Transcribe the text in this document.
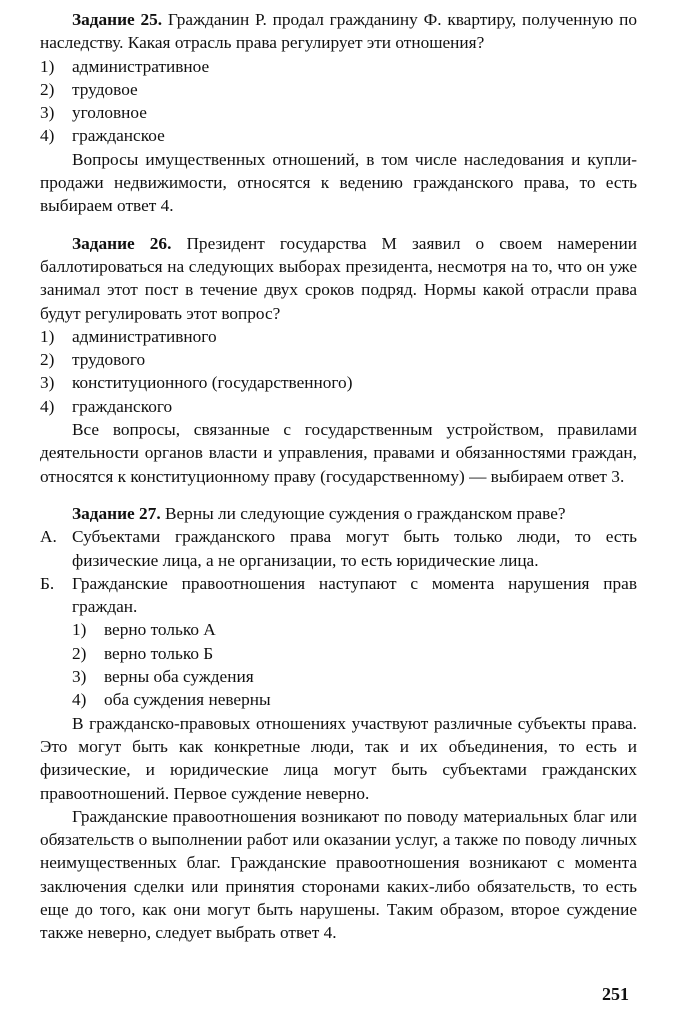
Задание 25. Гражданин Р. продал гражданину Ф. квартиру, полученную по наследству. Какая отрасль права регулирует эти отношения?

1)	административное
2)	трудовое
3)	уголовное
4)	гражданское

Вопросы имущественных отношений, в том числе наследования и купли-продажи недвижимости, относятся к ведению гражданского права, то есть выбираем ответ 4.

Задание 26. Президент государства М заявил о своем намерении баллотироваться на следующих выборах президента, несмотря на то, что он уже занимал этот пост в течение двух сроков подряд. Нормы какой отрасли права будут регулировать этот вопрос?

1)	административного
2)	трудового
3)	конституционного (государственного)
4)	гражданского

Все вопросы, связанные с государственным устройством, правилами деятельности органов власти и управления, правами и обязанностями граждан, относятся к конституционному праву (государственному) — выбираем ответ 3.

Задание 27. Верны ли следующие суждения о гражданском праве?

А. Субъектами гражданского права могут быть только люди, то есть физические лица, а не организации, то есть юридические лица.
Б.	Гражданские правоотношения наступают с момента нарушения прав граждан.
1)	верно только А
2)	верно только Б
3)	верны оба суждения
4)	оба суждения неверны

В гражданско-правовых отношениях участвуют различные субъекты права. Это могут быть как конкретные люди, так и их объединения, то есть и физические, и юридические лица могут быть субъектами гражданских правоотношений. Первое суждение неверно.

Гражданские правоотношения возникают по поводу материальных благ или обязательств о выполнении работ или оказании услуг, а также по поводу личных неимущественных благ. Гражданские правоотношения возникают с момента заключения сделки или принятия сторонами каких-либо обязательств, то есть еще до того, как они могут быть нарушены. Таким образом, второе суждение также неверно, следует выбрать ответ 4.

251
